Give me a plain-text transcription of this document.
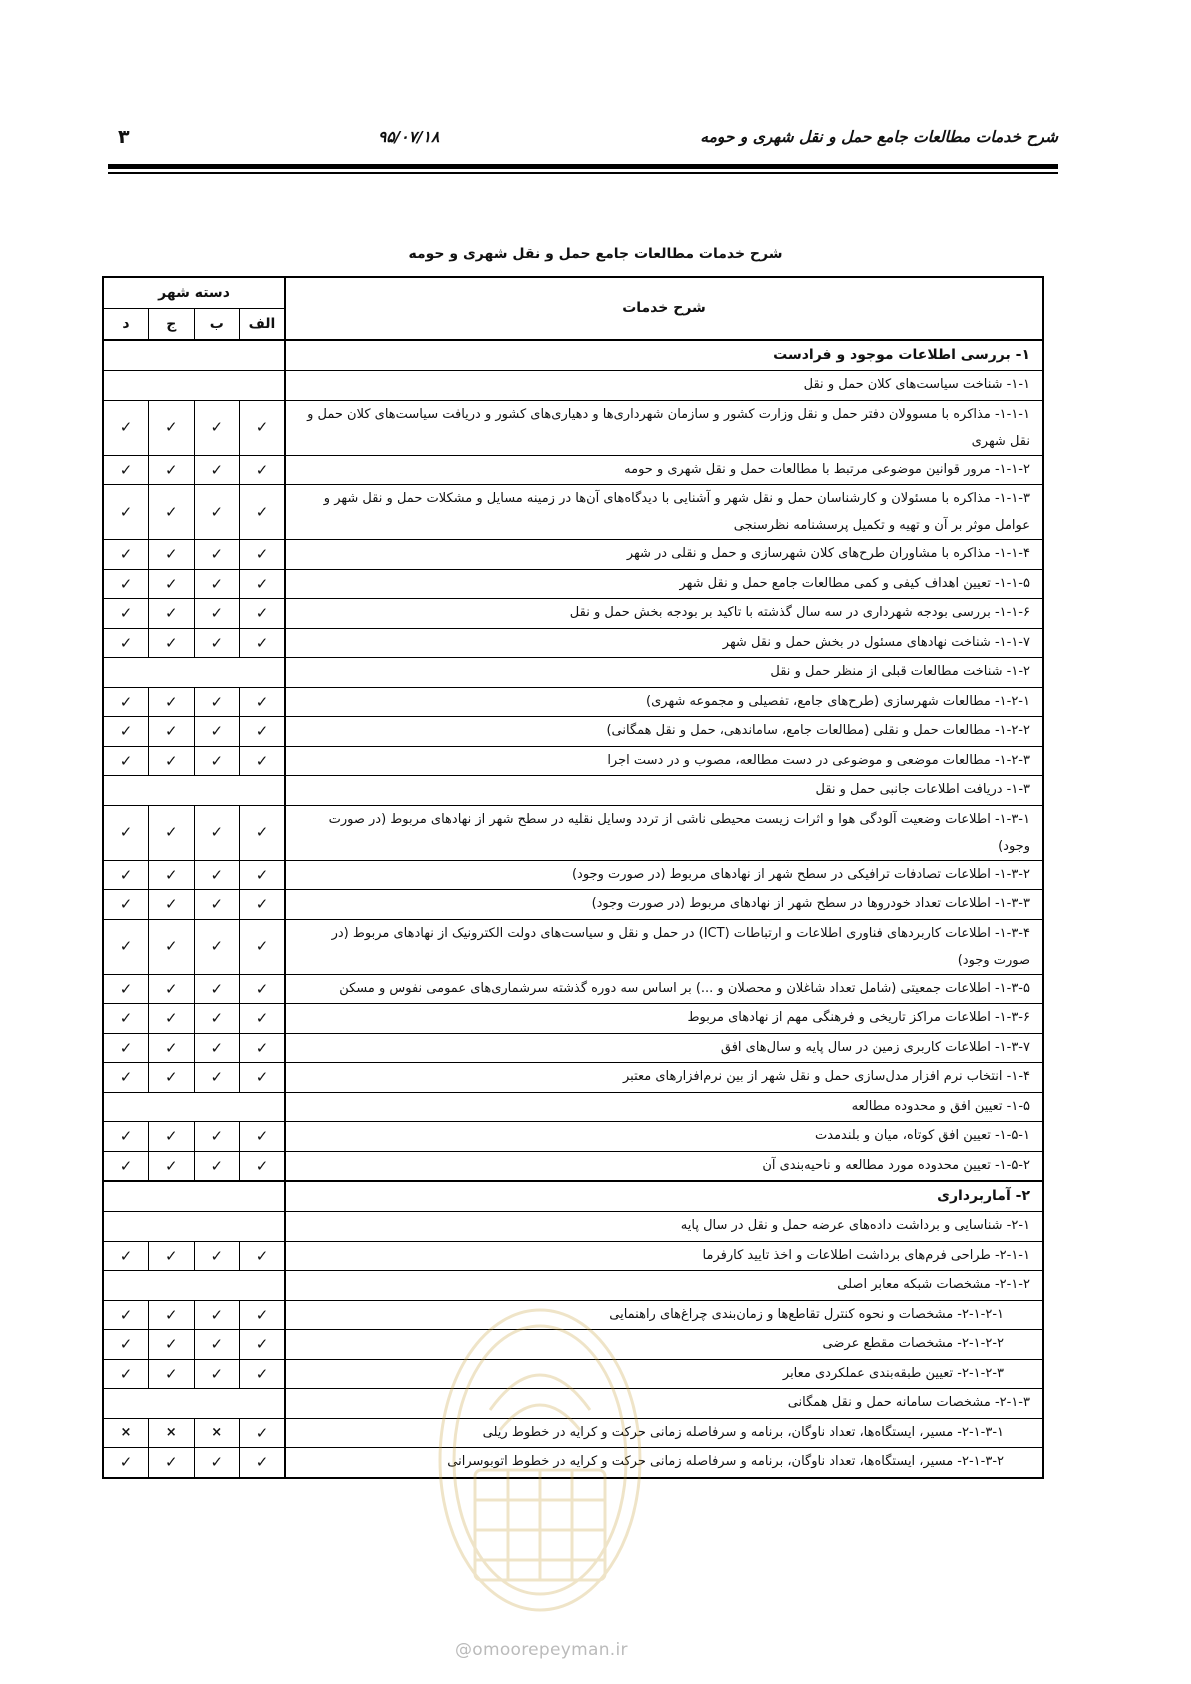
شرح خدمات مطالعات جامع حمل و نقل شهری و حومه
۹۵/۰۷/۱۸
۳
شرح خدمات مطالعات جامع حمل و نقل شهری و حومه
شرح خدمات	دسته شهر			
	الف	ب	ج	د
۱- بررسی اطلاعات موجود و فرادست				
۱-۱- شناخت سیاست‌های کلان حمل و نقل				
۱-۱-۱- مذاکره با مسوولان دفتر حمل و نقل وزارت کشور و سازمان شهرداری‌ها و دهیاری‌های کشور و دریافت سیاست‌های کلان حمل و نقل شهری	✓	✓	✓	✓
۱-۱-۲- مرور قوانین موضوعی مرتبط با مطالعات حمل و نقل شهری و حومه	✓	✓	✓	✓
۱-۱-۳- مذاکره با مسئولان و کارشناسان حمل و نقل شهر و آشنایی با دیدگاه‌های آن‌ها در زمینه مسایل و مشکلات حمل و نقل شهر و عوامل موثر بر آن و تهیه و تکمیل پرسشنامه نظرسنجی	✓	✓	✓	✓
۱-۱-۴- مذاکره با مشاوران طرح‌های کلان شهرسازی و حمل و نقلی در شهر	✓	✓	✓	✓
۱-۱-۵- تعیین اهداف کیفی و کمی مطالعات جامع حمل و نقل شهر	✓	✓	✓	✓
۱-۱-۶- بررسی بودجه شهرداری در سه سال گذشته با تاکید بر بودجه بخش حمل و نقل	✓	✓	✓	✓
۱-۱-۷- شناخت نهادهای مسئول در بخش حمل و نقل شهر	✓	✓	✓	✓
۱-۲- شناخت مطالعات قبلی از منظر حمل و نقل				
۱-۲-۱- مطالعات شهرسازی (طرح‌های جامع، تفصیلی و مجموعه شهری)	✓	✓	✓	✓
۱-۲-۲- مطالعات حمل و نقلی (مطالعات جامع، ساماندهی، حمل و نقل همگانی)	✓	✓	✓	✓
۱-۲-۳- مطالعات موضعی و موضوعی در دست مطالعه، مصوب و در دست اجرا	✓	✓	✓	✓
۱-۳- دریافت اطلاعات جانبی حمل و نقل				
۱-۳-۱- اطلاعات وضعیت آلودگی هوا و اثرات زیست محیطی ناشی از تردد وسایل نقلیه در سطح شهر از نهادهای مربوط (در صورت وجود)	✓	✓	✓	✓
۱-۳-۲- اطلاعات تصادفات ترافیکی در سطح شهر از نهادهای مربوط (در صورت وجود)	✓	✓	✓	✓
۱-۳-۳- اطلاعات تعداد خودروها در سطح شهر از نهادهای مربوط (در صورت وجود)	✓	✓	✓	✓
۱-۳-۴- اطلاعات کاربردهای فناوری اطلاعات و ارتباطات (ICT) در حمل و نقل و سیاست‌های دولت الکترونیک از نهادهای مربوط (در صورت وجود)	✓	✓	✓	✓
۱-۳-۵- اطلاعات جمعیتی (شامل تعداد شاغلان و محصلان و ...) بر اساس سه دوره گذشته سرشماری‌های عمومی نفوس و مسکن	✓	✓	✓	✓
۱-۳-۶- اطلاعات مراکز تاریخی و فرهنگی مهم از نهادهای مربوط	✓	✓	✓	✓
۱-۳-۷- اطلاعات کاربری زمین در سال پایه و سال‌های افق	✓	✓	✓	✓
۱-۴- انتخاب نرم افزار مدل‌سازی حمل و نقل شهر از بین نرم‌افزارهای معتبر	✓	✓	✓	✓
۱-۵- تعیین افق و محدوده مطالعه				
۱-۵-۱- تعیین افق کوتاه، میان و بلندمدت	✓	✓	✓	✓
۱-۵-۲- تعیین محدوده مورد مطالعه و ناحیه‌بندی آن	✓	✓	✓	✓
۲- آماربرداری				
۲-۱- شناسایی و برداشت داده‌های عرضه حمل و نقل در سال پایه				
۲-۱-۱- طراحی فرم‌های برداشت اطلاعات و اخذ تایید کارفرما	✓	✓	✓	✓
۲-۱-۲- مشخصات شبکه معابر اصلی				
۲-۱-۲-۱- مشخصات و نحوه کنترل تقاطع‌ها و زمان‌بندی چراغ‌های راهنمایی	✓	✓	✓	✓
۲-۱-۲-۲- مشخصات مقطع عرضی	✓	✓	✓	✓
۲-۱-۲-۳- تعیین طبقه‌بندی عملکردی معابر	✓	✓	✓	✓
۲-۱-۳- مشخصات سامانه حمل و نقل همگانی				
۲-۱-۳-۱- مسیر، ایستگاه‌ها، تعداد ناوگان، برنامه و سرفاصله زمانی حرکت و کرایه در خطوط ریلی	✓	×	×	×
۲-۱-۳-۲- مسیر، ایستگاه‌ها، تعداد ناوگان، برنامه و سرفاصله زمانی حرکت و کرایه در خطوط اتوبوسرانی	✓	✓	✓	✓
@omoorepeyman.ir
